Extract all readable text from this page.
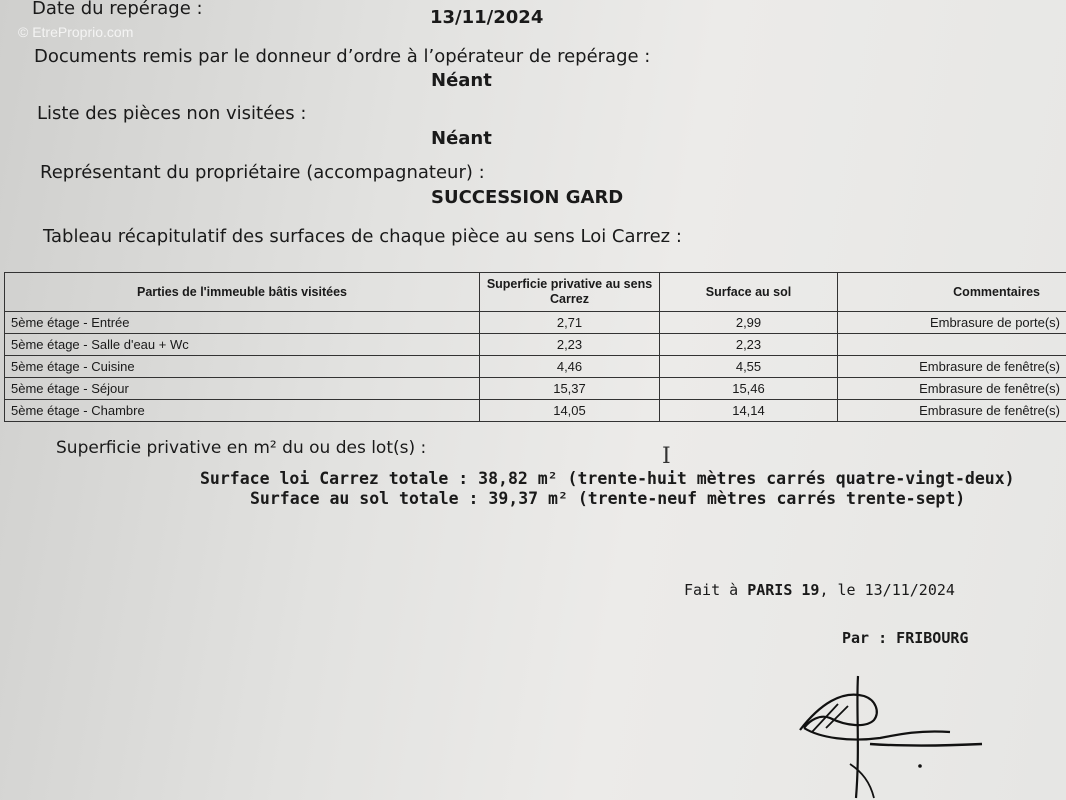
© EtreProprio.com
Date du repérage :	13/11/2024
Documents remis par le donneur d’ordre à l’opérateur de repérage :
Néant
Liste des pièces non visitées :
Néant
Représentant du propriétaire (accompagnateur) :
SUCCESSION GARD
Tableau récapitulatif des surfaces de chaque pièce au sens Loi Carrez :
Parties de l'immeuble bâtis visitées	Superficie privative au sens Carrez	Surface au sol	Commentaires
5ème étage - Entrée	2,71	2,99	Embrasure de porte(s)
5ème étage - Salle d'eau + Wc	2,23	2,23	
5ème étage - Cuisine	4,46	4,55	Embrasure de fenêtre(s)
5ème étage - Séjour	15,37	15,46	Embrasure de fenêtre(s)
5ème étage - Chambre	14,05	14,14	Embrasure de fenêtre(s)
Superficie privative en m² du ou des lot(s) :	I
Surface loi Carrez totale : 38,82 m² (trente-huit mètres carrés quatre-vingt-deux)
Surface au sol totale : 39,37 m² (trente-neuf mètres carrés trente-sept)
Fait à PARIS 19, le 13/11/2024
Par : FRIBOURG
